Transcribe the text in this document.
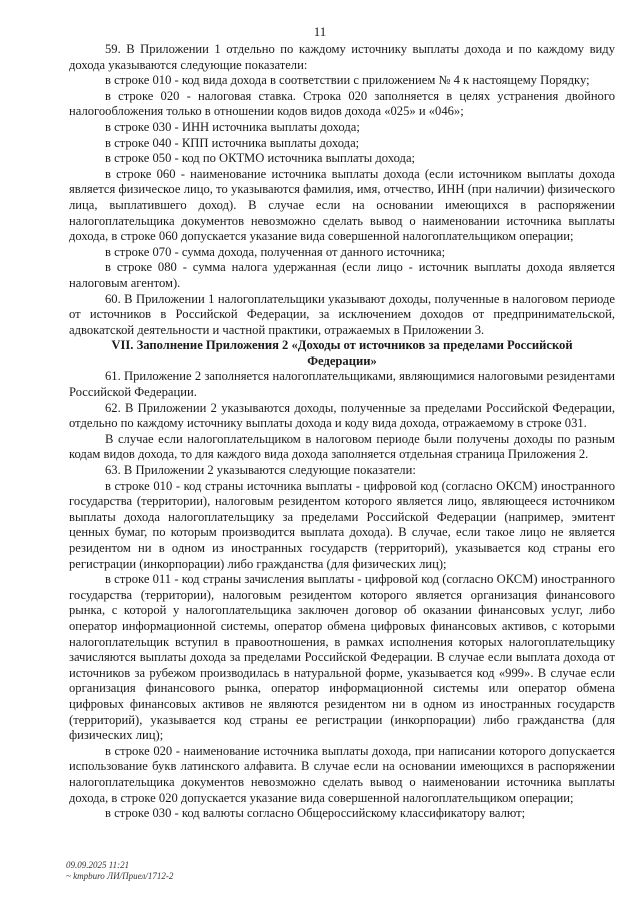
11

59. В Приложении 1 отдельно по каждому источнику выплаты дохода и по каждому виду дохода указываются следующие показатели:

в строке 010 - код вида дохода в соответствии с приложением № 4 к настоящему Порядку;

в строке 020 - налоговая ставка. Строка 020 заполняется в целях устранения двойного налогообложения только в отношении кодов видов дохода «025» и «046»;

в строке 030 - ИНН источника выплаты дохода;

в строке 040 - КПП источника выплаты дохода;

в строке 050 - код по ОКТМО источника выплаты дохода;

в строке 060 - наименование источника выплаты дохода (если источником выплаты дохода является физическое лицо, то указываются фамилия, имя, отчество, ИНН (при наличии) физического лица, выплатившего доход). В случае если на основании имеющихся в распоряжении налогоплательщика документов невозможно сделать вывод о наименовании источника выплаты дохода, в строке 060 допускается указание вида совершенной налогоплательщиком операции;

в строке 070 - сумма дохода, полученная от данного источника;

в строке 080 - сумма налога удержанная (если лицо - источник выплаты дохода является налоговым агентом).

60. В Приложении 1 налогоплательщики указывают доходы, полученные в налоговом периоде от источников в Российской Федерации, за исключением доходов от предпринимательской, адвокатской деятельности и частной практики, отражаемых в Приложении 3.

VII. Заполнение Приложения 2 «Доходы от источников за пределами Российской Федерации»

61. Приложение 2 заполняется налогоплательщиками, являющимися налоговыми резидентами Российской Федерации.

62. В Приложении 2 указываются доходы, полученные за пределами Российской Федерации, отдельно по каждому источнику выплаты дохода и коду вида дохода, отражаемому в строке 031.

В случае если налогоплательщиком в налоговом периоде были получены доходы по разным кодам видов дохода, то для каждого вида дохода заполняется отдельная страница Приложения 2.

63. В Приложении 2 указываются следующие показатели:

в строке 010 - код страны источника выплаты - цифровой код (согласно ОКСМ) иностранного государства (территории), налоговым резидентом которого является лицо, являющееся источником выплаты дохода налогоплательщику за пределами Российской Федерации (например, эмитент ценных бумаг, по которым производится выплата дохода). В случае, если такое лицо не является резидентом ни в одном из иностранных государств (территорий), указывается код страны его регистрации (инкорпорации) либо гражданства (для физических лиц);

в строке 011 - код страны зачисления выплаты - цифровой код (согласно ОКСМ) иностранного государства (территории), налоговым резидентом которого является организация финансового рынка, с которой у налогоплательщика заключен договор об оказании финансовых услуг, либо оператор информационной системы, оператор обмена цифровых финансовых активов, с которыми налогоплательщик вступил в правоотношения, в рамках исполнения которых налогоплательщику зачисляются выплаты дохода за пределами Российской Федерации. В случае если выплата дохода от источников за рубежом производилась в натуральной форме, указывается код «999». В случае если организация финансового рынка, оператор информационной системы или оператор обмена цифровых финансовых активов не являются резидентом ни в одном из иностранных государств (территорий), указывается код страны ее регистрации (инкорпорации) либо гражданства (для физических лиц);

в строке 020 - наименование источника выплаты дохода, при написании которого допускается использование букв латинского алфавита. В случае если на основании имеющихся в распоряжении налогоплательщика документов невозможно сделать вывод о наименовании источника выплаты дохода, в строке 020 допускается указание вида совершенной налогоплательщиком операции;

в строке 030 - код валюты согласно Общероссийскому классификатору валют;

09.09.2025 11:21
~ kmpburo ЛИ/Приел/1712-2
